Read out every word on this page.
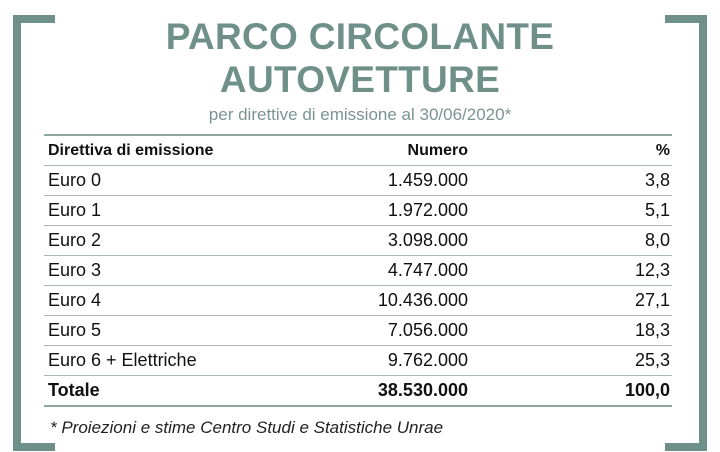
PARCO CIRCOLANTE
AUTOVETTURE
per direttive di emissione al 30/06/2020*
Direttiva di emissione	Numero	%
Euro 0	1.459.000	3,8
Euro 1	1.972.000	5,1
Euro 2	3.098.000	8,0
Euro 3	4.747.000	12,3
Euro 4	10.436.000	27,1
Euro 5	7.056.000	18,3
Euro 6 + Elettriche	9.762.000	25,3
Totale	38.530.000	100,0
* Proiezioni e stime Centro Studi e Statistiche Unrae
